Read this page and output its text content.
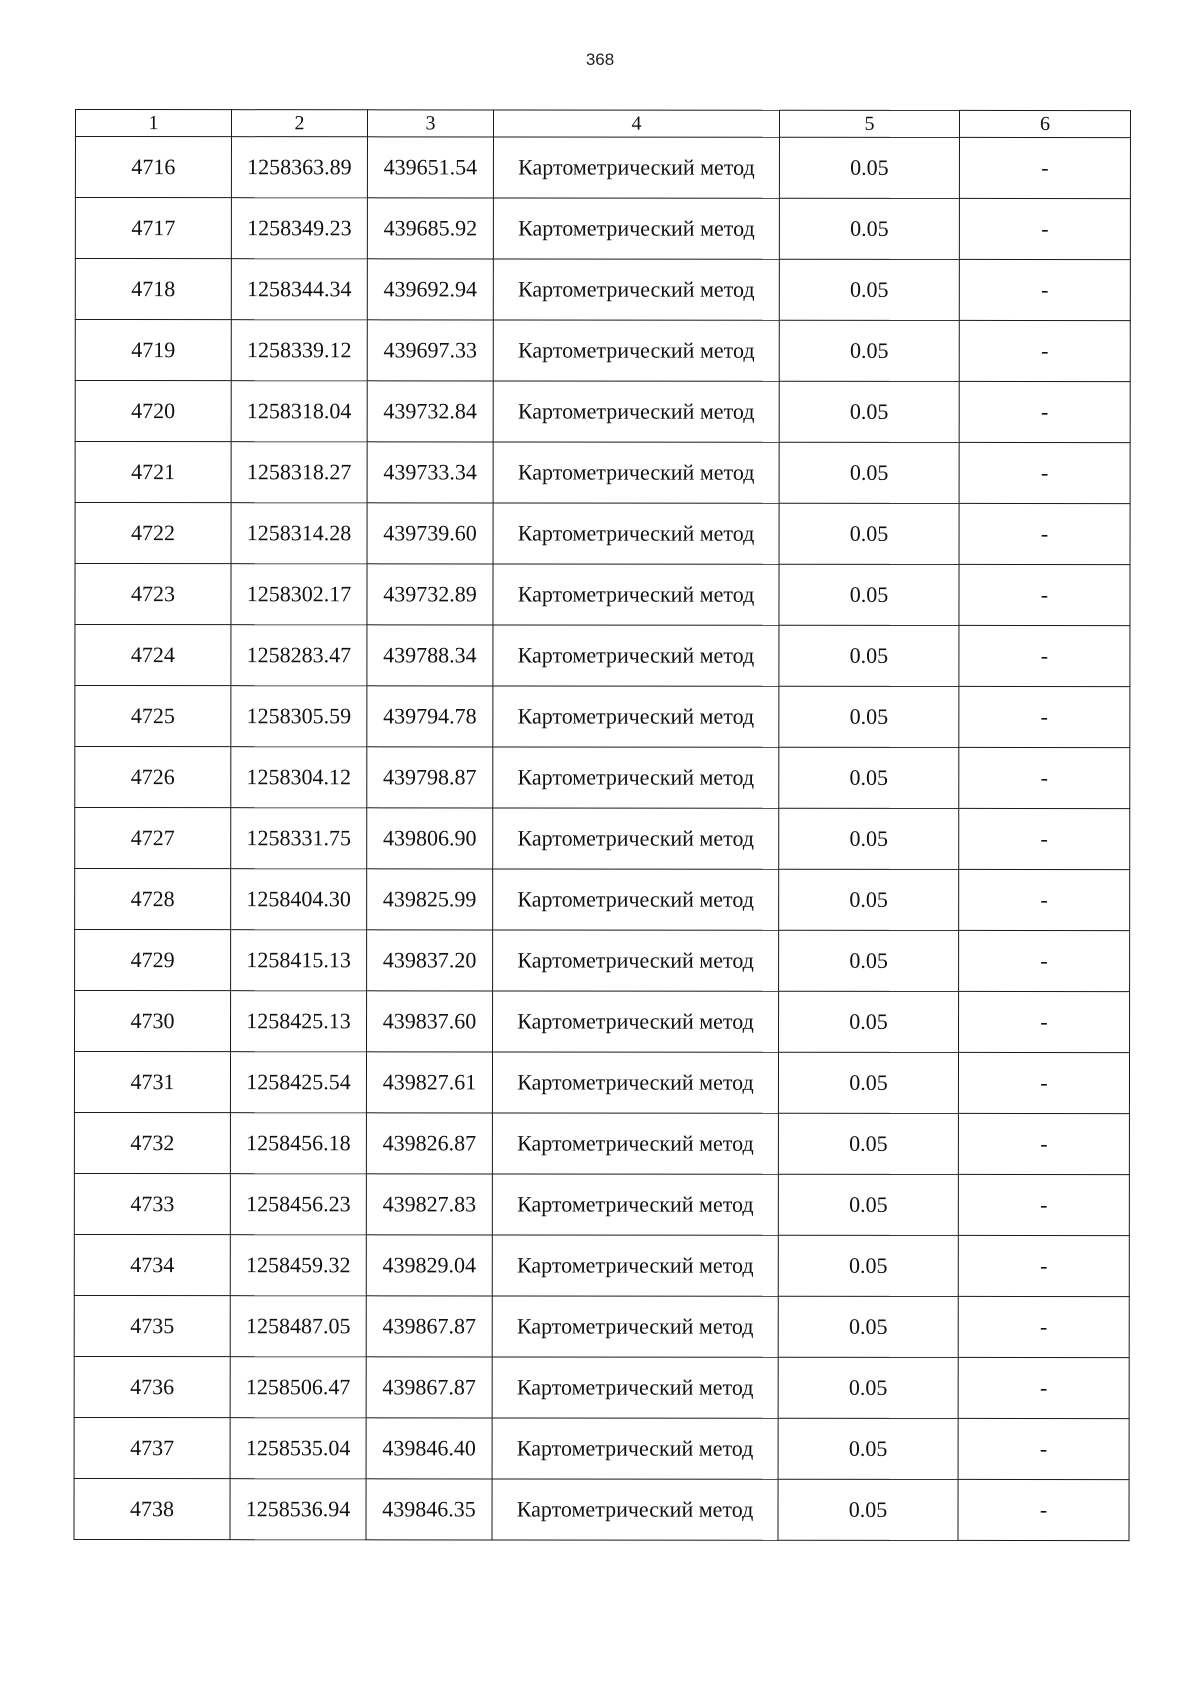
368
1	2	3	4	5	6
4716	1258363.89	439651.54	Картометрический метод	0.05	-
4717	1258349.23	439685.92	Картометрический метод	0.05	-
4718	1258344.34	439692.94	Картометрический метод	0.05	-
4719	1258339.12	439697.33	Картометрический метод	0.05	-
4720	1258318.04	439732.84	Картометрический метод	0.05	-
4721	1258318.27	439733.34	Картометрический метод	0.05	-
4722	1258314.28	439739.60	Картометрический метод	0.05	-
4723	1258302.17	439732.89	Картометрический метод	0.05	-
4724	1258283.47	439788.34	Картометрический метод	0.05	-
4725	1258305.59	439794.78	Картометрический метод	0.05	-
4726	1258304.12	439798.87	Картометрический метод	0.05	-
4727	1258331.75	439806.90	Картометрический метод	0.05	-
4728	1258404.30	439825.99	Картометрический метод	0.05	-
4729	1258415.13	439837.20	Картометрический метод	0.05	-
4730	1258425.13	439837.60	Картометрический метод	0.05	-
4731	1258425.54	439827.61	Картометрический метод	0.05	-
4732	1258456.18	439826.87	Картометрический метод	0.05	-
4733	1258456.23	439827.83	Картометрический метод	0.05	-
4734	1258459.32	439829.04	Картометрический метод	0.05	-
4735	1258487.05	439867.87	Картометрический метод	0.05	-
4736	1258506.47	439867.87	Картометрический метод	0.05	-
4737	1258535.04	439846.40	Картометрический метод	0.05	-
4738	1258536.94	439846.35	Картометрический метод	0.05	-
